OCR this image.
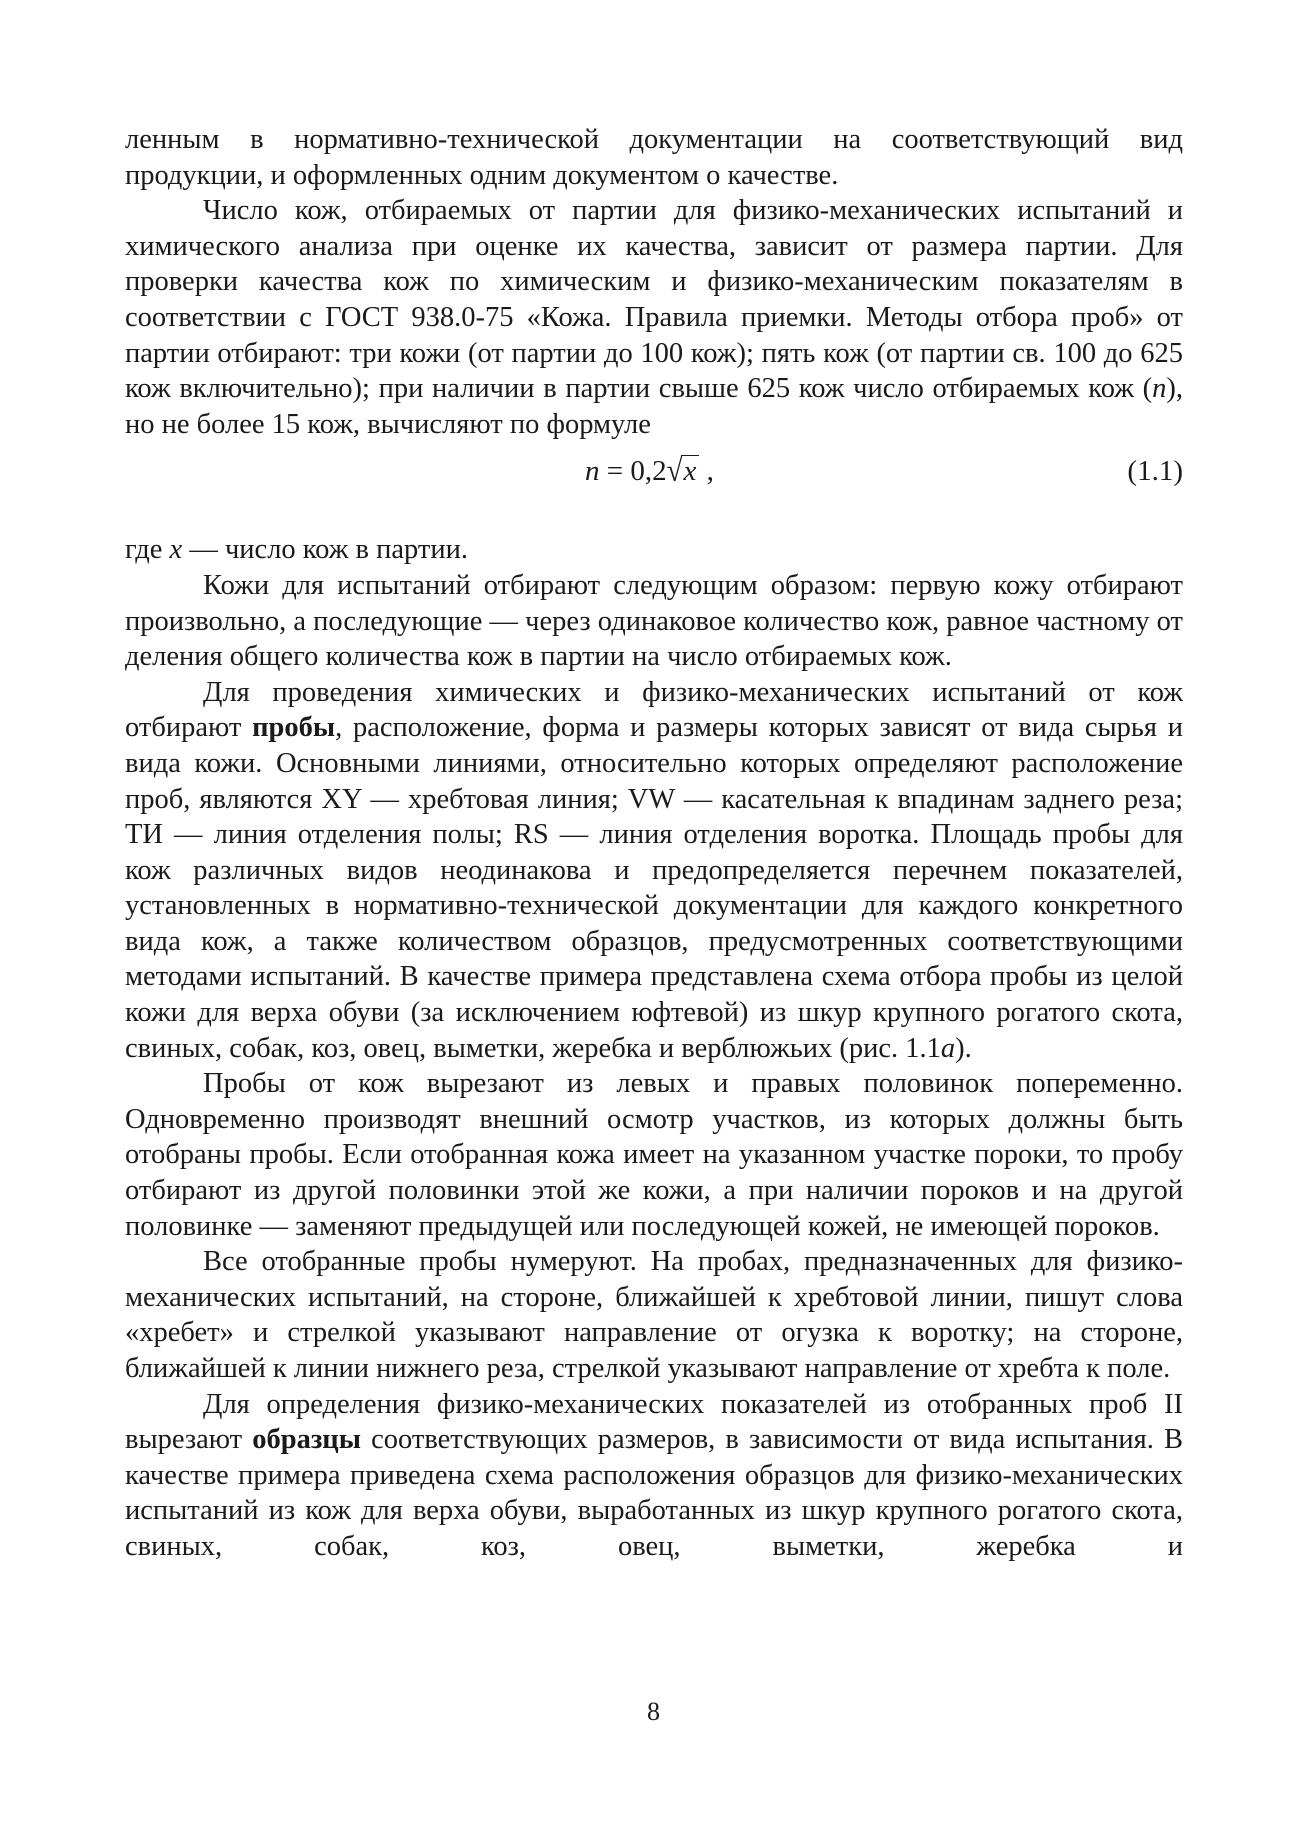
ленным в нормативно-технической документации на соответствующий вид продукции, и оформленных одним документом о качестве.

Число кож, отбираемых от партии для физико-механических испытаний и химического анализа при оценке их качества, зависит от размера партии. Для проверки качества кож по химическим и физико-механическим показателям в соответствии с ГОСТ 938.0-75 «Кожа. Правила приемки. Методы отбора проб» от партии отбирают: три кожи (от партии до 100 кож); пять кож (от партии св. 100 до 625 кож включительно); при наличии в партии свыше 625 кож число отбираемых кож (n), но не более 15 кож, вычисляют по формуле

n = 0,2√x ,	(1.1)

где x — число кож в партии.

Кожи для испытаний отбирают следующим образом: первую кожу отбирают произвольно, а последующие — через одинаковое количество кож, равное частному от деления общего количества кож в партии на число отбираемых кож.

Для проведения химических и физико-механических испытаний от кож отбирают пробы, расположение, форма и размеры которых зависят от вида сырья и вида кожи. Основными линиями, относительно которых определяют расположение проб, являются XY — хребтовая линия; VW — касательная к впадинам заднего реза; TИ — линия отделения полы; RS — линия отделения воротка. Площадь пробы для кож различных видов неодинакова и предопределяется перечнем показателей, установленных в нормативно-технической документации для каждого конкретного вида кож, а также количеством образцов, предусмотренных соответствующими методами испытаний. В качестве примера представлена схема отбора пробы из целой кожи для верха обуви (за исключением юфтевой) из шкур крупного рогатого скота, свиных, собак, коз, овец, выметки, жеребка и верблюжьих (рис. 1.1а).

Пробы от кож вырезают из левых и правых половинок попеременно. Одновременно производят внешний осмотр участков, из которых должны быть отобраны пробы. Если отобранная кожа имеет на указанном участке пороки, то пробу отбирают из другой половинки этой же кожи, а при наличии пороков и на другой половинке — заменяют предыдущей или последующей кожей, не имеющей пороков.

Все отобранные пробы нумеруют. На пробах, предназначенных для физико-механических испытаний, на стороне, ближайшей к хребтовой линии, пишут слова «хребет» и стрелкой указывают направление от огузка к воротку; на стороне, ближайшей к линии нижнего реза, стрелкой указывают направление от хребта к поле.

Для определения физико-механических показателей из отобранных проб II вырезают образцы соответствующих размеров, в зависимости от вида испытания. В качестве примера приведена схема расположения образцов для физико-механических испытаний из кож для верха обуви, выработанных из шкур крупного рогатого скота, свиных, собак, коз, овец, выметки, жеребка и

8
